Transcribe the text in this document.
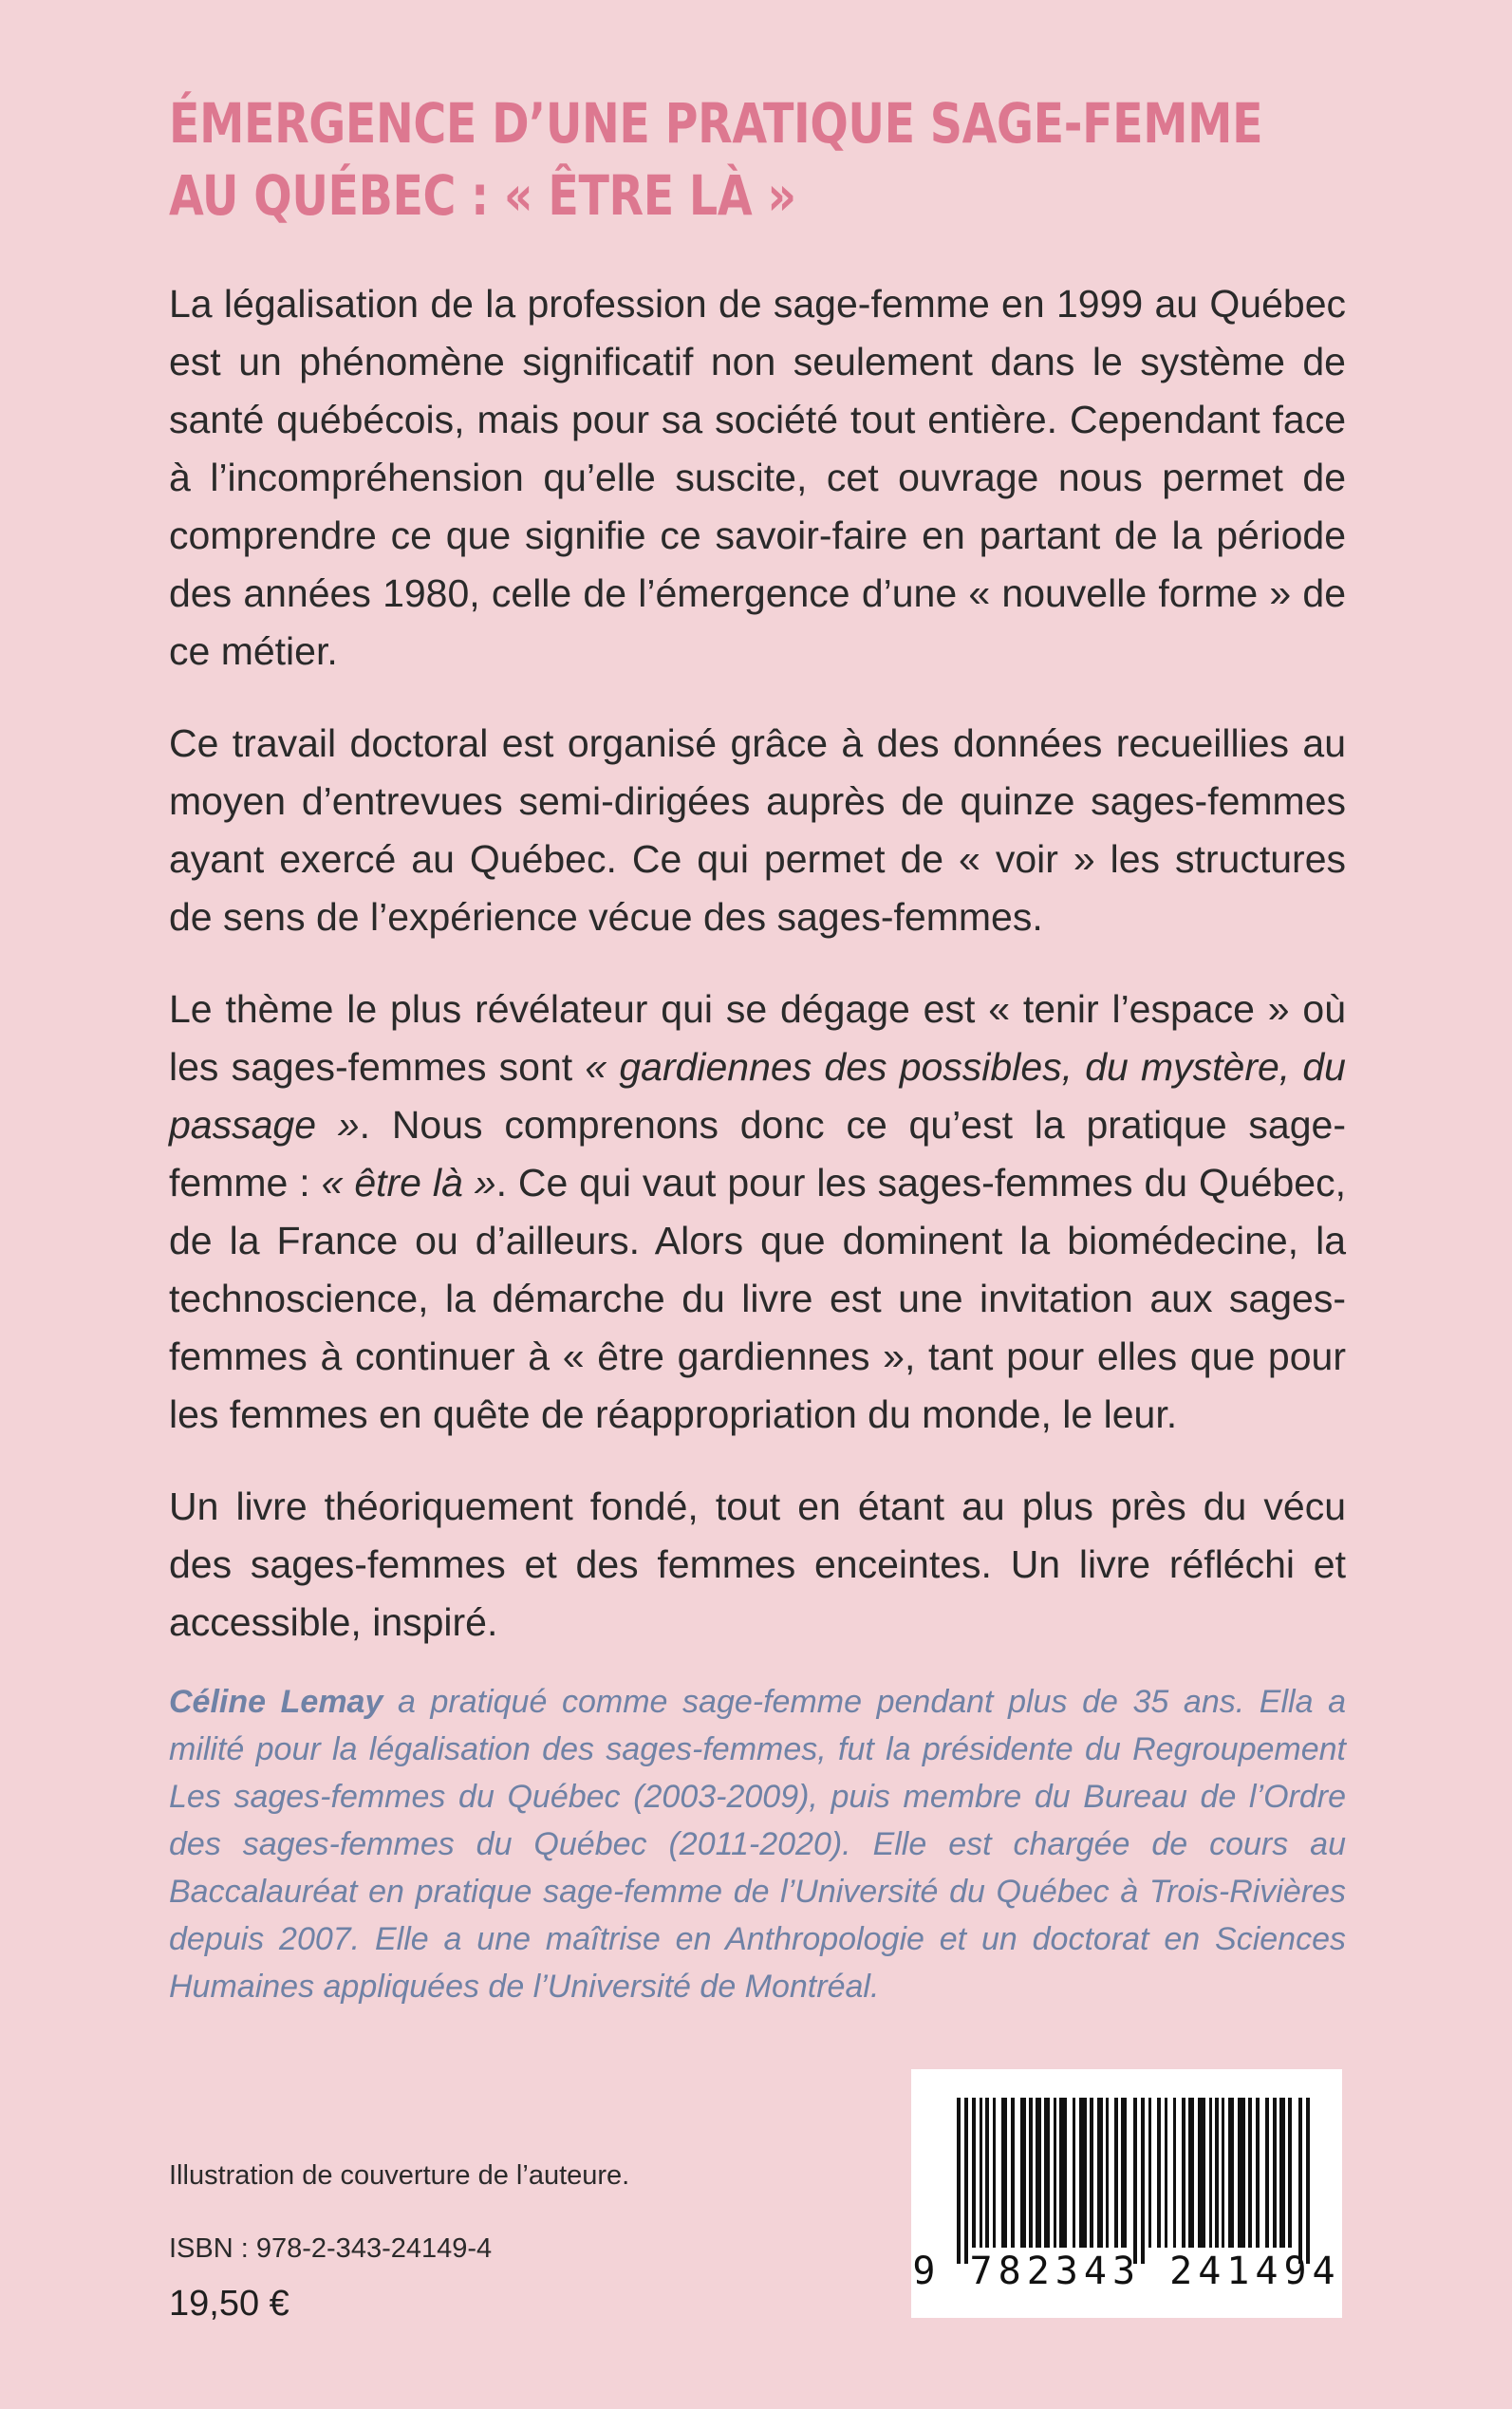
ÉMERGENCE D’UNE PRATIQUE SAGE-FEMME
AU QUÉBEC : « ÊTRE LÀ »

La légalisation de la profession de sage-femme en 1999 au Québec est un phénomène significatif non seulement dans le système de santé québécois, mais pour sa société tout entière. Cependant face à l’incompréhension qu’elle suscite, cet ouvrage nous permet de comprendre ce que signifie ce savoir-faire en partant de la période des années 1980, celle de l’émergence d’une « nouvelle forme » de ce métier.

Ce travail doctoral est organisé grâce à des données recueillies au moyen d’entrevues semi-dirigées auprès de quinze sages-femmes ayant exercé au Québec. Ce qui permet de « voir » les structures de sens de l’expérience vécue des sages-femmes.

Le thème le plus révélateur qui se dégage est « tenir l’espace » où les sages-femmes sont « gardiennes des possibles, du mystère, du passage ». Nous comprenons donc ce qu’est la pratique sage-femme : « être là ». Ce qui vaut pour les sages-femmes du Québec, de la France ou d’ailleurs. Alors que dominent la biomédecine, la technoscience, la démarche du livre est une invitation aux sages-femmes à continuer à « être gardiennes », tant pour elles que pour les femmes en quête de réappropriation du monde, le leur.

Un livre théoriquement fondé, tout en étant au plus près du vécu des sages-femmes et des femmes enceintes. Un livre réfléchi et accessible, inspiré.

Céline Lemay a pratiqué comme sage-femme pendant plus de 35 ans. Ella a milité pour la légalisation des sages-femmes, fut la présidente du Regroupement Les sages-femmes du Québec (2003-2009), puis membre du Bureau de l’Ordre des sages-femmes du Québec (2011-2020). Elle est chargée de cours au Baccalauréat en pratique sage-femme de l’Université du Québec à Trois-Rivières depuis 2007. Elle a une maîtrise en Anthropologie et un doctorat en Sciences Humaines appliquées de l’Université de Montréal.
Illustration de couverture de l’auteure.
ISBN : 978-2-343-24149-4
19,50 €
9 782343 241494
